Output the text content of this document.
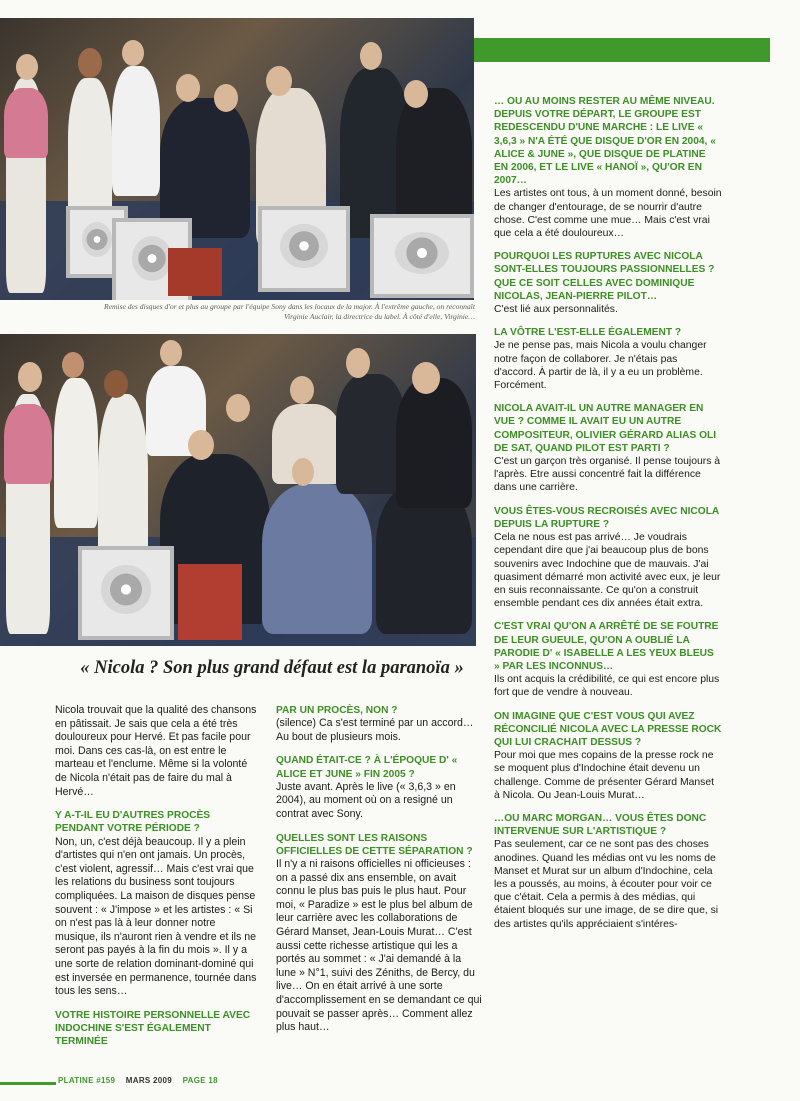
Remise des disques d'or et plus au groupe par l'équipe Sony dans les locaux de la major. À l'extrême gauche, on reconnaît Virginie Auclair, la directrice du label. À côté d'elle, Virginie…
« Nicola ? Son plus grand défaut est la paranoïa »

Nicola trouvait que la qualité des chansons en pâtissait. Je sais que cela a été très douloureux pour Hervé. Et pas facile pour moi. Dans ces cas-là, on est entre le marteau et l'enclume. Même si la volonté de Nicola n'était pas de faire du mal à Hervé…

Y A-T-IL EU D'AUTRES PROCÈS PENDANT VOTRE PÉRIODE ?
Non, un, c'est déjà beaucoup. Il y a plein d'artistes qui n'en ont jamais. Un procès, c'est violent, agressif… Mais c'est vrai que les relations du business sont toujours compliquées. La maison de disques pense souvent : « J'impose » et les artistes : « Si on n'est pas là à leur donner notre musique, ils n'auront rien à vendre et ils ne seront pas payés à la fin du mois ». Il y a une sorte de relation dominant-dominé qui est inversée en permanence, tournée dans tous les sens…

VOTRE HISTOIRE PERSONNELLE AVEC INDOCHINE S'EST ÉGALEMENT TERMINÉE

PAR UN PROCÈS, NON ?
(silence) Ca s'est terminé par un accord… Au bout de plusieurs mois.

QUAND ÉTAIT-CE ? À L'ÉPOQUE D' « ALICE ET JUNE » FIN 2005 ?
Juste avant. Après le live (« 3,6,3 » en 2004), au moment où on a resigné un contrat avec Sony.

QUELLES SONT LES RAISONS OFFICIELLES DE CETTE SÉPARATION ?
Il n'y a ni raisons officielles ni officieuses : on a passé dix ans ensemble, on avait connu le plus bas puis le plus haut. Pour moi, « Paradize » est le plus bel album de leur carrière avec les collaborations de Gérard Manset, Jean-Louis Murat… C'est aussi cette richesse artistique qui les a portés au sommet : « J'ai demandé à la lune » N°1, suivi des Zéniths, de Bercy, du live… On en était arrivé à une sorte d'accomplissement en se demandant ce qui pouvait se passer après… Comment allez plus haut…

… OU AU MOINS RESTER AU MÊME NIVEAU. DEPUIS VOTRE DÉPART, LE GROUPE EST REDESCENDU D'UNE MARCHE : LE LIVE « 3,6,3 » N'A ÉTÉ QUE DISQUE D'OR EN 2004, « ALICE & JUNE », QUE DISQUE DE PLATINE EN 2006, ET LE LIVE « HANOÏ », QU'OR EN 2007…
Les artistes ont tous, à un moment donné, besoin de changer d'entourage, de se nourrir d'autre chose. C'est comme une mue… Mais c'est vrai que cela a été douloureux…

POURQUOI LES RUPTURES AVEC NICOLA SONT-ELLES TOUJOURS PASSIONNELLES ? QUE CE SOIT CELLES AVEC DOMINIQUE NICOLAS, JEAN-PIERRE PILOT…
C'est lié aux personnalités.

LA VÔTRE L'EST-ELLE ÉGALEMENT ?
Je ne pense pas, mais Nicola a voulu changer notre façon de collaborer. Je n'étais pas d'accord. À partir de là, il y a eu un problème. Forcément.

NICOLA AVAIT-IL UN AUTRE MANAGER EN VUE ? COMME IL AVAIT EU UN AUTRE COMPOSITEUR, OLIVIER GÉRARD ALIAS OLI DE SAT, QUAND PILOT EST PARTI ?
C'est un garçon très organisé. Il pense toujours à l'après. Etre aussi concentré fait la différence dans une carrière.

VOUS ÊTES-VOUS RECROISÉS AVEC NICOLA DEPUIS LA RUPTURE ?
Cela ne nous est pas arrivé… Je voudrais cependant dire que j'ai beaucoup plus de bons souvenirs avec Indochine que de mauvais. J'ai quasiment démarré mon activité avec eux, je leur en suis reconnaissante. Ce qu'on a construit ensemble pendant ces dix années était extra.

C'EST VRAI QU'ON A ARRÊTÉ DE SE FOUTRE DE LEUR GUEULE, QU'ON A OUBLIÉ LA PARODIE D' « ISABELLE A LES YEUX BLEUS » PAR LES INCONNUS…
Ils ont acquis la crédibilité, ce qui est encore plus fort que de vendre à nouveau.

ON IMAGINE QUE C'EST VOUS QUI AVEZ RÉCONCILIÉ NICOLA AVEC LA PRESSE ROCK QUI LUI CRACHAIT DESSUS ?
Pour moi que mes copains de la presse rock ne se moquent plus d'Indochine était devenu un challenge. Comme de présenter Gérard Manset à Nicola. Ou Jean-Louis Murat…

…OU MARC MORGAN… VOUS ÊTES DONC INTERVENUE SUR L'ARTISTIQUE ?
Pas seulement, car ce ne sont pas des choses anodines. Quand les médias ont vu les noms de Manset et Murat sur un album d'Indochine, cela les a poussés, au moins, à écouter pour voir ce que c'était. Cela a permis à des médias, qui étaient bloqués sur une image, de se dire que, si des artistes qu'ils appréciaient s'intéres-

PLATINE #159 MARS 2009 PAGE 18
